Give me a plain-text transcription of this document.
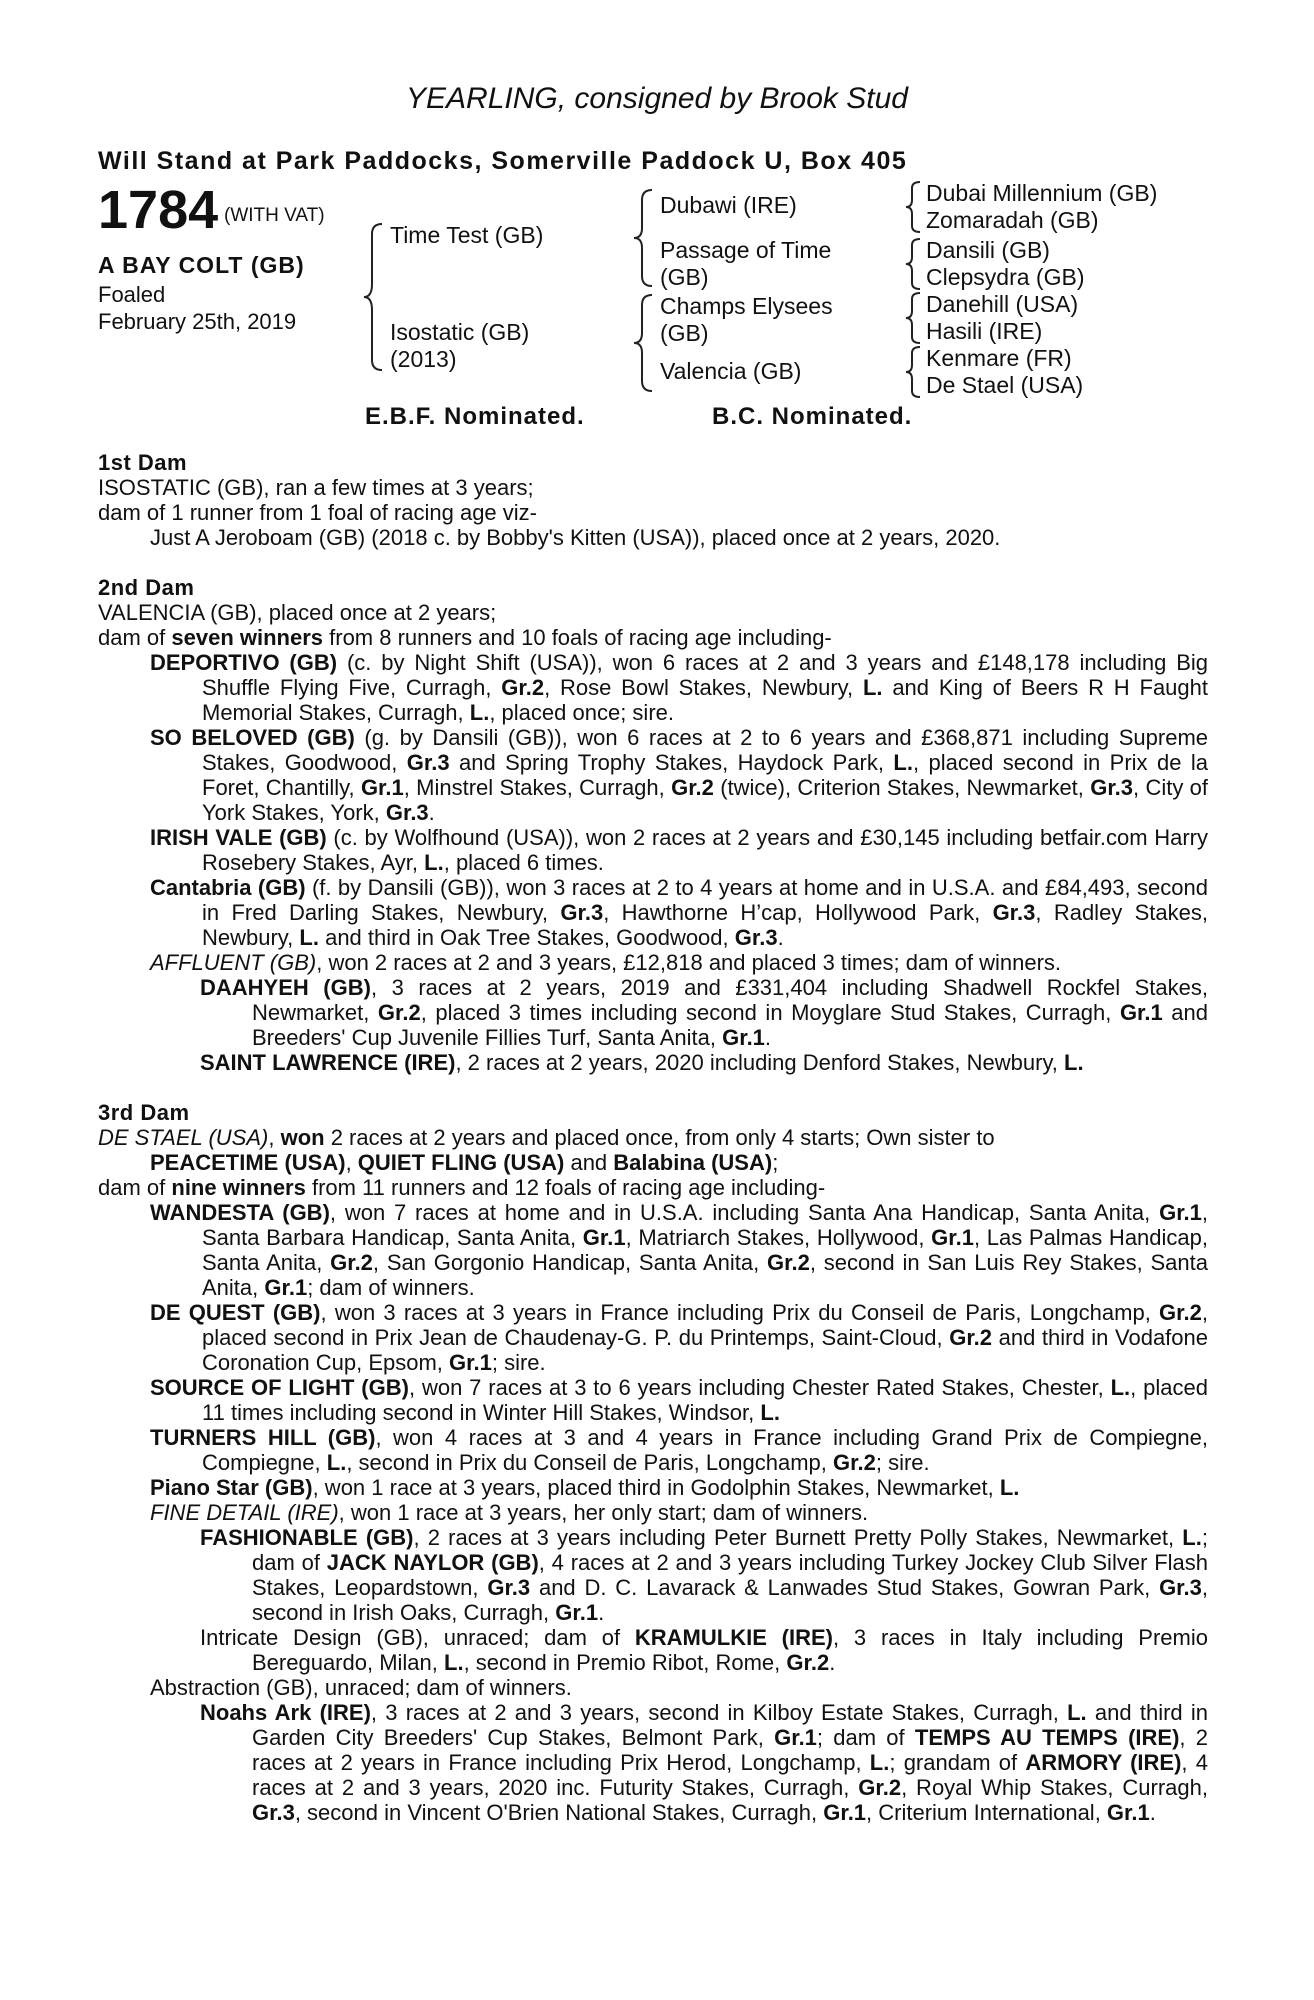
YEARLING, consigned by Brook Stud
Will Stand at Park Paddocks, Somerville Paddock U, Box 405
1784 (WITH VAT)
A BAY COLT (GB)
Foaled
February 25th, 2019
Time Test (GB)
Isostatic (GB)
(2013)
Dubawi (IRE)
Passage of Time
(GB)
Champs Elysees
(GB)
Valencia (GB)
Dubai Millennium (GB)
Zomaradah (GB)
Dansili (GB)
Clepsydra (GB)
Danehill (USA)
Hasili (IRE)
Kenmare (FR)
De Stael (USA)
E.B.F. Nominated.	B.C. Nominated.

1st Dam

ISOSTATIC (GB), ran a few times at 3 years;

dam of 1 runner from 1 foal of racing age viz-

Just A Jeroboam (GB) (2018 c. by Bobby's Kitten (USA)), placed once at 2 years, 2020.

2nd Dam

VALENCIA (GB), placed once at 2 years;

dam of seven winners from 8 runners and 10 foals of racing age including-

DEPORTIVO (GB) (c. by Night Shift (USA)), won 6 races at 2 and 3 years and £148,178 including Big Shuffle Flying Five, Curragh, Gr.2, Rose Bowl Stakes, Newbury, L. and King of Beers R H Faught Memorial Stakes, Curragh, L., placed once; sire.

SO BELOVED (GB) (g. by Dansili (GB)), won 6 races at 2 to 6 years and £368,871 including Supreme Stakes, Goodwood, Gr.3 and Spring Trophy Stakes, Haydock Park, L., placed second in Prix de la Foret, Chantilly, Gr.1, Minstrel Stakes, Curragh, Gr.2 (twice), Criterion Stakes, Newmarket, Gr.3, City of York Stakes, York, Gr.3.

IRISH VALE (GB) (c. by Wolfhound (USA)), won 2 races at 2 years and £30,145 including betfair.com Harry Rosebery Stakes, Ayr, L., placed 6 times.

Cantabria (GB) (f. by Dansili (GB)), won 3 races at 2 to 4 years at home and in U.S.A. and £84,493, second in Fred Darling Stakes, Newbury, Gr.3, Hawthorne H’cap, Hollywood Park, Gr.3, Radley Stakes, Newbury, L. and third in Oak Tree Stakes, Goodwood, Gr.3.

AFFLUENT (GB), won 2 races at 2 and 3 years, £12,818 and placed 3 times; dam of winners.

DAAHYEH (GB), 3 races at 2 years, 2019 and £331,404 including Shadwell Rockfel Stakes, Newmarket, Gr.2, placed 3 times including second in Moyglare Stud Stakes, Curragh, Gr.1 and Breeders' Cup Juvenile Fillies Turf, Santa Anita, Gr.1.

SAINT LAWRENCE (IRE), 2 races at 2 years, 2020 including Denford Stakes, Newbury, L.

3rd Dam

DE STAEL (USA), won 2 races at 2 years and placed once, from only 4 starts; Own sister to

PEACETIME (USA), QUIET FLING (USA) and Balabina (USA);

dam of nine winners from 11 runners and 12 foals of racing age including-

WANDESTA (GB), won 7 races at home and in U.S.A. including Santa Ana Handicap, Santa Anita, Gr.1, Santa Barbara Handicap, Santa Anita, Gr.1, Matriarch Stakes, Hollywood, Gr.1, Las Palmas Handicap, Santa Anita, Gr.2, San Gorgonio Handicap, Santa Anita, Gr.2, second in San Luis Rey Stakes, Santa Anita, Gr.1; dam of winners.

DE QUEST (GB), won 3 races at 3 years in France including Prix du Conseil de Paris, Longchamp, Gr.2, placed second in Prix Jean de Chaudenay-G. P. du Printemps, Saint-Cloud, Gr.2 and third in Vodafone Coronation Cup, Epsom, Gr.1; sire.

SOURCE OF LIGHT (GB), won 7 races at 3 to 6 years including Chester Rated Stakes, Chester, L., placed 11 times including second in Winter Hill Stakes, Windsor, L.

TURNERS HILL (GB), won 4 races at 3 and 4 years in France including Grand Prix de Compiegne, Compiegne, L., second in Prix du Conseil de Paris, Longchamp, Gr.2; sire.

Piano Star (GB), won 1 race at 3 years, placed third in Godolphin Stakes, Newmarket, L.

FINE DETAIL (IRE), won 1 race at 3 years, her only start; dam of winners.

FASHIONABLE (GB), 2 races at 3 years including Peter Burnett Pretty Polly Stakes, Newmarket, L.; dam of JACK NAYLOR (GB), 4 races at 2 and 3 years including Turkey Jockey Club Silver Flash Stakes, Leopardstown, Gr.3 and D. C. Lavarack & Lanwades Stud Stakes, Gowran Park, Gr.3, second in Irish Oaks, Curragh, Gr.1.

Intricate Design (GB), unraced; dam of KRAMULKIE (IRE), 3 races in Italy including Premio Bereguardo, Milan, L., second in Premio Ribot, Rome, Gr.2.

Abstraction (GB), unraced; dam of winners.

Noahs Ark (IRE), 3 races at 2 and 3 years, second in Kilboy Estate Stakes, Curragh, L. and third in Garden City Breeders' Cup Stakes, Belmont Park, Gr.1; dam of TEMPS AU TEMPS (IRE), 2 races at 2 years in France including Prix Herod, Longchamp, L.; grandam of ARMORY (IRE), 4 races at 2 and 3 years, 2020 inc. Futurity Stakes, Curragh, Gr.2, Royal Whip Stakes, Curragh, Gr.3, second in Vincent O'Brien National Stakes, Curragh, Gr.1, Criterium International, Gr.1.
